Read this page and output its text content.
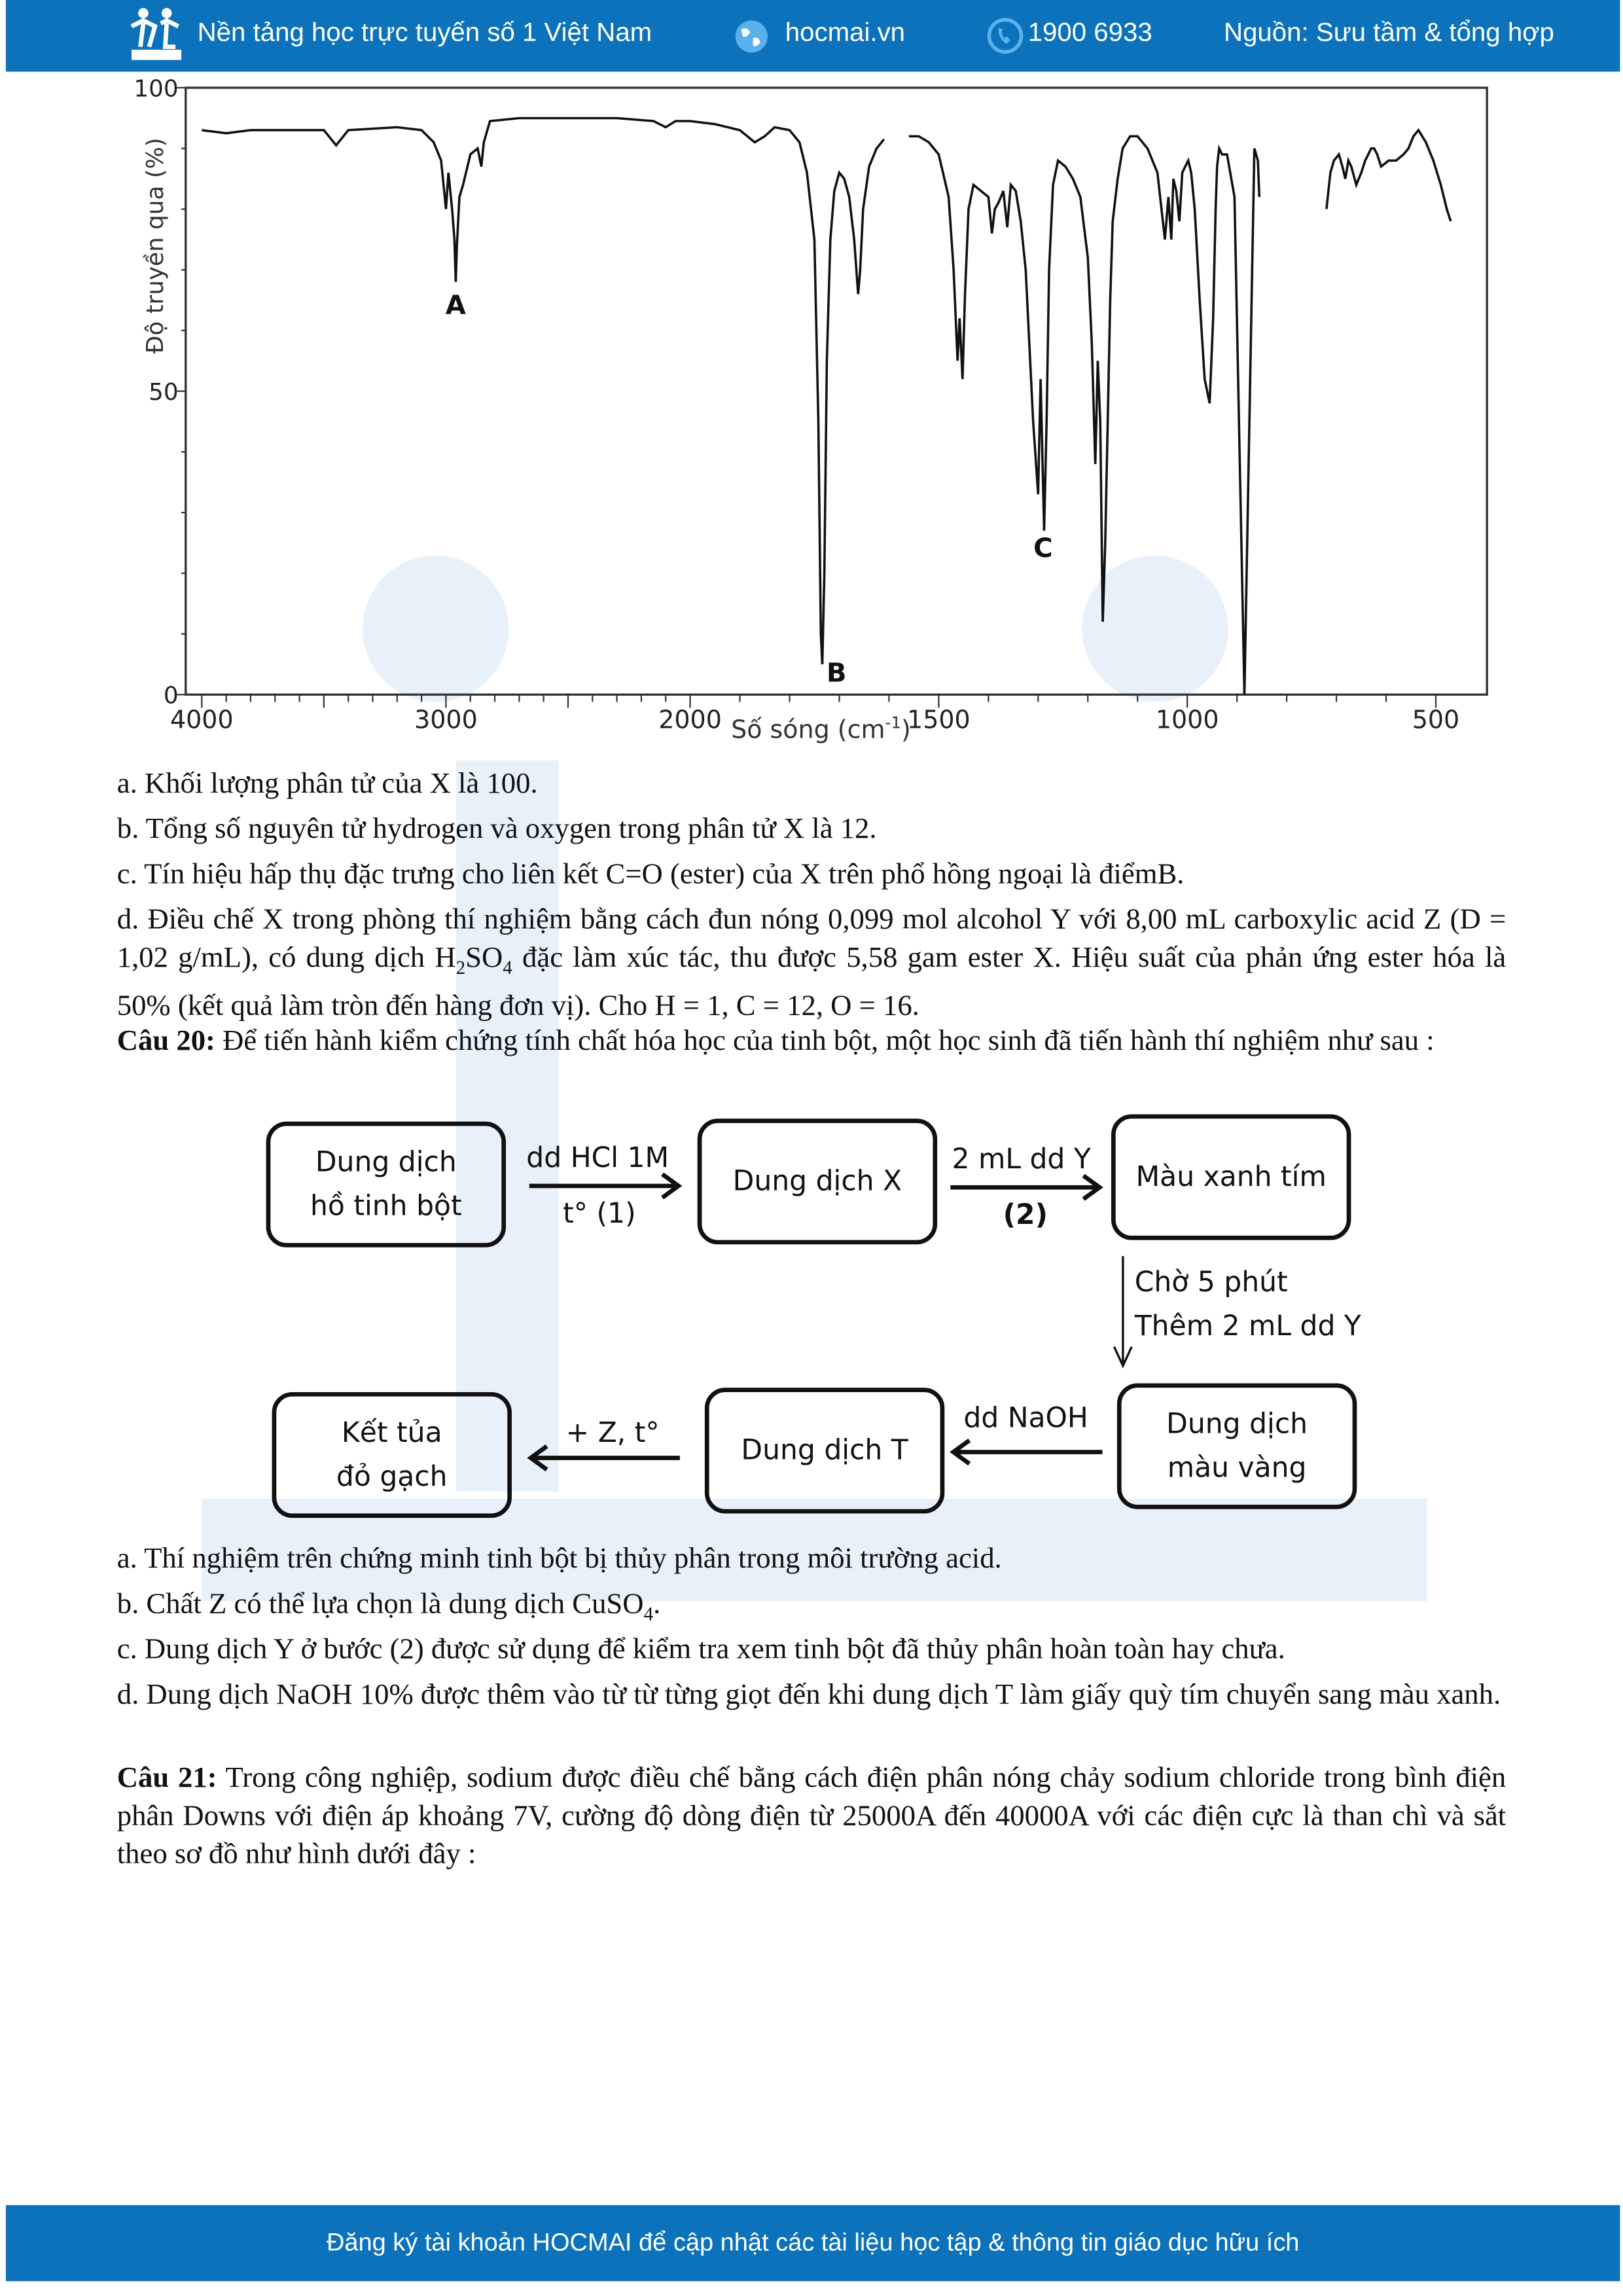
Nền tảng học trực tuyến số 1 Việt Nam	hocmai.vn	1900 6933	Nguồn: Sưu tầm & tổng hợp
4000	3000	2000	1500	1000	500
0
50
100
A
B
C
Độ truyền qua (%)
Số sóng $(cm^{-1})$
a. Khối lượng phân tử của X là 100.
b. Tổng số nguyên tử hydrogen và oxygen trong phân tử X là 12.
c. Tín hiệu hấp thụ đặc trưng cho liên kết C=O (ester) của X trên phổ hồng ngoại là điểmB.
d. Điều chế X trong phòng thí nghiệm bằng cách đun nóng 0,099 mol alcohol Y với 8,00 mL carboxylic acid Z (D = 1,02 g/mL), có dung dịch $H_2SO_4$ đặc làm xúc tác, thu được 5,58 gam ester X. Hiệu suất của phản ứng ester hóa là 50% (kết quả làm tròn đến hàng đơn vị). Cho H = 1, C = 12, O = 16.
Câu 20: Để tiến hành kiểm chứng tính chất hóa học của tinh bột, một học sinh đã tiến hành thí nghiệm như sau :
Dung dịch
hồ tinh bột
dd HCl 1M
t° (1)
Dung dịch X
2 mL dd Y
(2)
Màu xanh tím
Chờ 5 phút
Thêm 2 mL dd Y
Dung dịch
màu vàng
dd NaOH
Dung dịch T
+ Z, t°
Kết tủa
đỏ gạch
a. Thí nghiệm trên chứng minh tinh bột bị thủy phân trong môi trường acid.
b. Chất Z có thể lựa chọn là dung dịch CuSO$_4$.
c. Dung dịch Y ở bước (2) được sử dụng để kiểm tra xem tinh bột đã thủy phân hoàn toàn hay chưa.
d. Dung dịch NaOH 10% được thêm vào từ từ từng giọt đến khi dung dịch T làm giấy quỳ tím chuyển sang màu xanh.
Câu 21: Trong công nghiệp, sodium được điều chế bằng cách điện phân nóng chảy sodium chloride trong bình điện phân Downs với điện áp khoảng 7V, cường độ dòng điện từ 25000A đến 40000A với các điện cực là than chì và sắt theo sơ đồ như hình dưới đây :
Đăng ký tài khoản HOCMAI để cập nhật các tài liệu học tập & thông tin giáo dục hữu ích
